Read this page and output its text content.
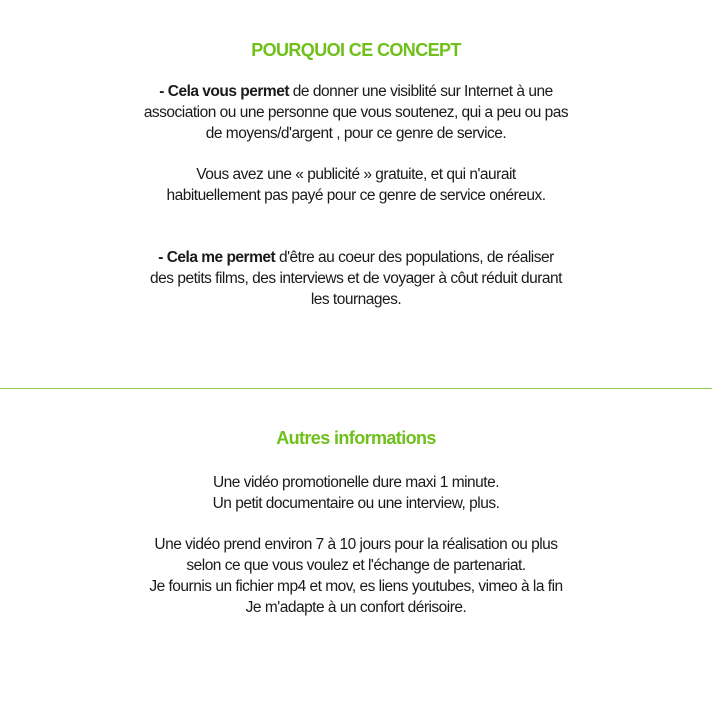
POURQUOI CE CONCEPT

- Cela vous permet de donner une visiblité sur Internet à une
association ou une personne que vous soutenez, qui a peu ou pas
de moyens/d'argent , pour ce genre de service.

Vous avez une « publicité » gratuite, et qui n'aurait
habituellement pas payé pour ce genre de service onéreux.

- Cela me permet d'être au coeur des populations, de réaliser
des petits films, des interviews et de voyager à côut réduit durant
les tournages.

Autres informations

Une vidéo promotionelle dure maxi 1 minute.
Un petit documentaire ou une interview, plus.

Une vidéo prend environ 7 à 10 jours pour la réalisation ou plus
selon ce que vous voulez et l'échange de partenariat.
Je fournis un fichier mp4 et mov, es liens youtubes, vimeo à la fin
Je m'adapte à un confort dérisoire.
